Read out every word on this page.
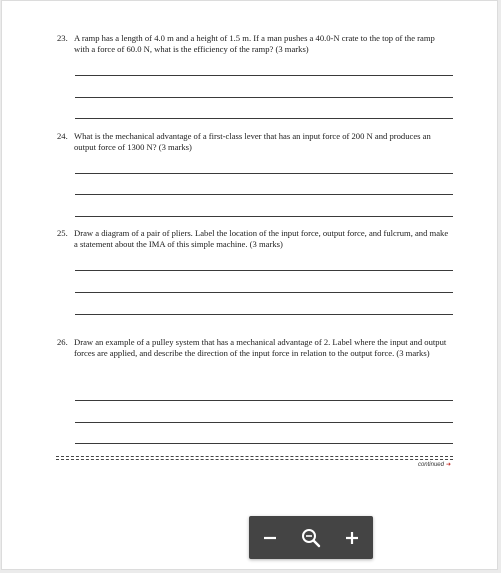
23. A ramp has a length of 4.0 m and a height of 1.5 m. If a man pushes a 40.0-N crate to the top of the ramp with a force of 60.0 N, what is the efficiency of the ramp? (3 marks)
24. What is the mechanical advantage of a first-class lever that has an input force of 200 N and produces an output force of 1300 N? (3 marks)
25. Draw a diagram of a pair of pliers. Label the location of the input force, output force, and fulcrum, and make a statement about the IMA of this simple machine. (3 marks)
26. Draw an example of a pulley system that has a mechanical advantage of 2. Label where the input and output forces are applied, and describe the direction of the input force in relation to the output force. (3 marks)
continued ➜
